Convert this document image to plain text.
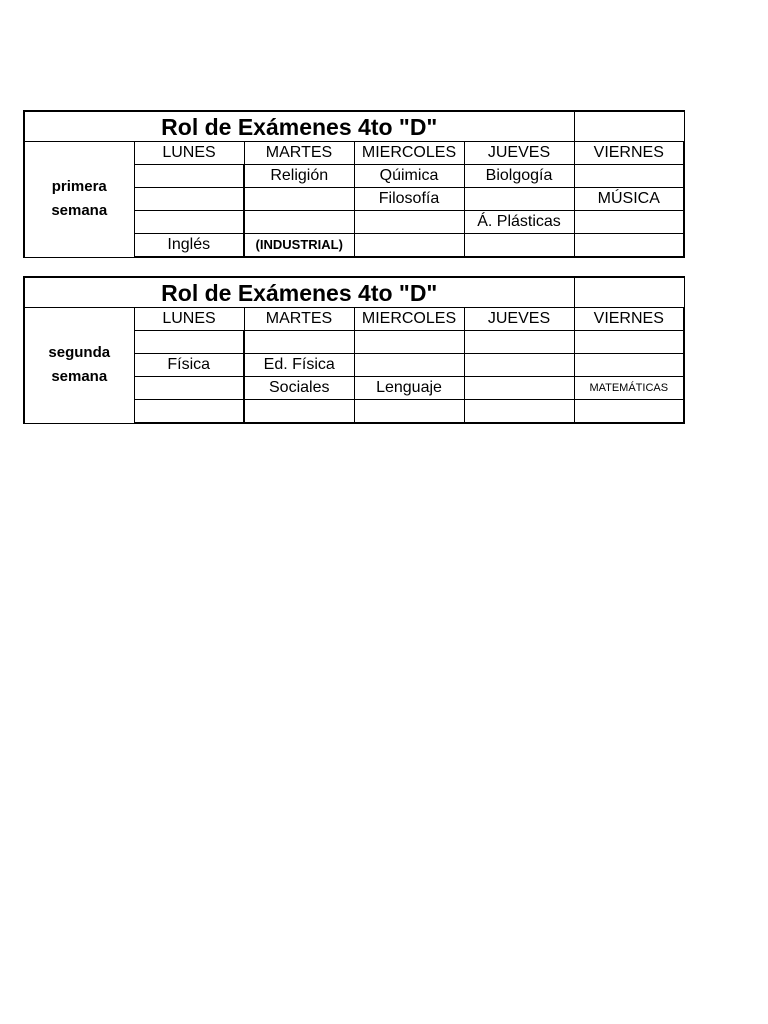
Rol de Exámenes 4to "D"					
primera
semana	LUNES	MARTES	MIERCOLES	JUEVES	VIERNES
		Religión	Qúimica	Biolgogía	
			Filosofía		MÚSICA
				Á. Plásticas	
	Inglés	(INDUSTRIAL)			
Rol de Exámenes 4to "D"					
segunda
semana	LUNES	MARTES	MIERCOLES	JUEVES	VIERNES

	Física	Ed. Física			
		Sociales	Lenguaje		MATEMÁTICAS
